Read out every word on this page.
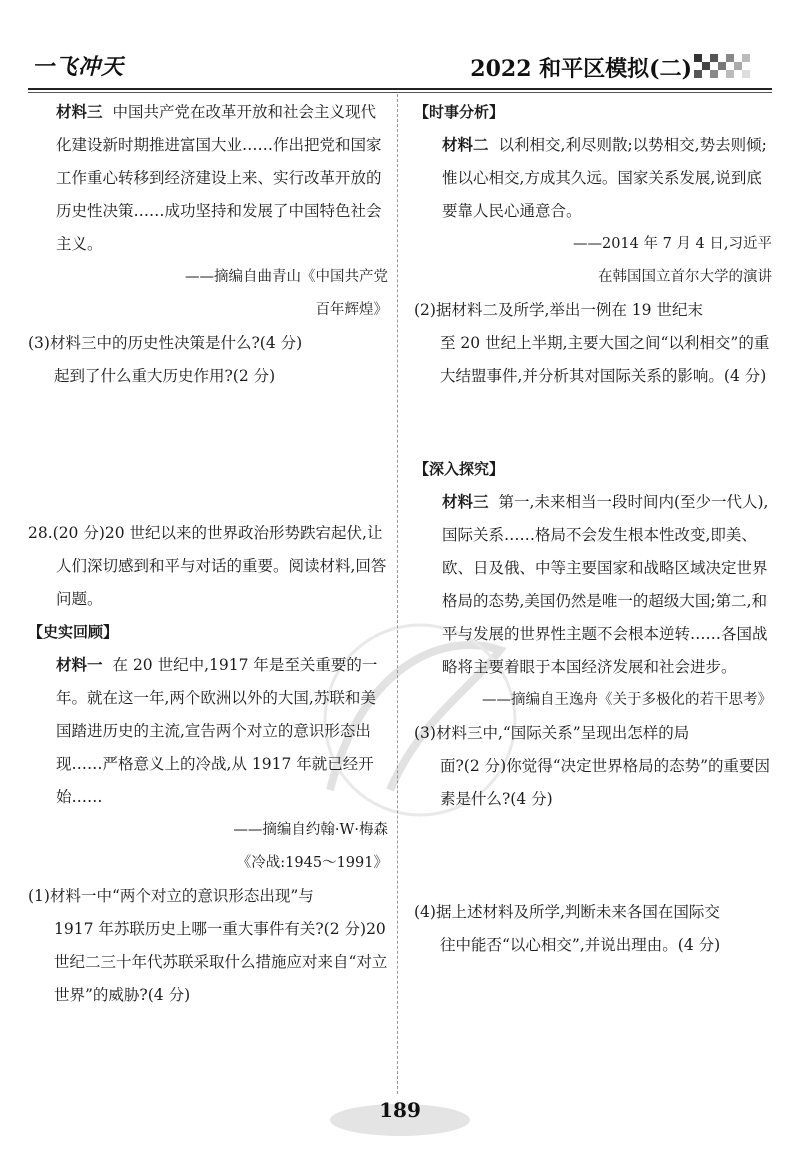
一飞冲天	2022 和平区模拟(二)

材料三 中国共产党在改革开放和社会主义现代化建设新时期推进富国大业……作出把党和国家工作重心转移到经济建设上来、实行改革开放的历史性决策……成功坚持和发展了中国特色社会主义。

——摘编自曲青山《中国共产党

百年辉煌》

(3)材料三中的历史性决策是什么?(4 分)

起到了什么重大历史作用?(2 分)

28.(20 分)20 世纪以来的世界政治形势跌宕起伏,让人们深切感到和平与对话的重要。阅读材料,回答问题。

【史实回顾】

材料一 在 20 世纪中,1917 年是至关重要的一年。就在这一年,两个欧洲以外的大国,苏联和美国踏进历史的主流,宣告两个对立的意识形态出现……严格意义上的冷战,从 1917 年就已经开始……

——摘编自约翰·W·梅森

《冷战:1945～1991》

(1)材料一中“两个对立的意识形态出现”与

1917 年苏联历史上哪一重大事件有关?(2 分)20 世纪二三十年代苏联采取什么措施应对来自“对立世界”的威胁?(4 分)

【时事分析】

材料二 以利相交,利尽则散;以势相交,势去则倾;惟以心相交,方成其久远。国家关系发展,说到底要靠人民心通意合。

——2014 年 7 月 4 日,习近平

在韩国国立首尔大学的演讲

(2)据材料二及所学,举出一例在 19 世纪末

至 20 世纪上半期,主要大国之间“以利相交”的重大结盟事件,并分析其对国际关系的影响。(4 分)

【深入探究】

材料三 第一,未来相当一段时间内(至少一代人),国际关系……格局不会发生根本性改变,即美、欧、日及俄、中等主要国家和战略区域决定世界格局的态势,美国仍然是唯一的超级大国;第二,和平与发展的世界性主题不会根本逆转……各国战略将主要着眼于本国经济发展和社会进步。

——摘编自王逸舟《关于多极化的若干思考》

(3)材料三中,“国际关系”呈现出怎样的局

面?(2 分)你觉得“决定世界格局的态势”的重要因素是什么?(4 分)

(4)据上述材料及所学,判断未来各国在国际交

往中能否“以心相交”,并说出理由。(4 分)

189
